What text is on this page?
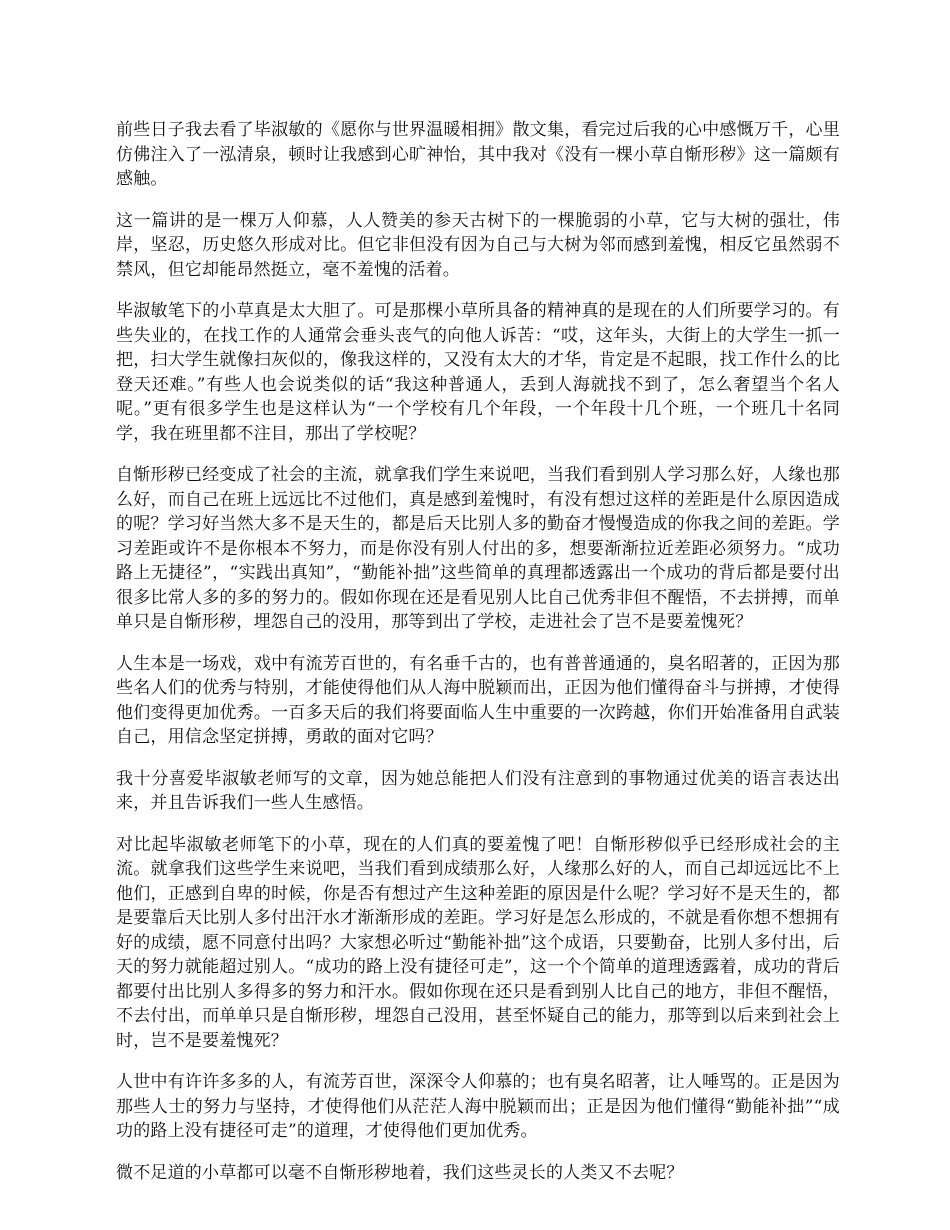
前些日子我去看了毕淑敏的《愿你与世界温暖相拥》散文集，看完过后我的心中感慨万千，心里仿佛注入了一泓清泉，顿时让我感到心旷神怡，其中我对《没有一棵小草自惭形秽》这一篇颇有感触。

这一篇讲的是一棵万人仰慕，人人赞美的参天古树下的一棵脆弱的小草，它与大树的强壮，伟岸，坚忍，历史悠久形成对比。但它非但没有因为自己与大树为邻而感到羞愧，相反它虽然弱不禁风，但它却能昂然挺立，毫不羞愧的活着。

毕淑敏笔下的小草真是太大胆了。可是那棵小草所具备的精神真的是现在的人们所要学习的。有些失业的，在找工作的人通常会垂头丧气的向他人诉苦：“哎，这年头，大街上的大学生一抓一把，扫大学生就像扫灰似的，像我这样的，又没有太大的才华，肯定是不起眼，找工作什么的比登天还难。”有些人也会说类似的话“我这种普通人，丢到人海就找不到了，怎么奢望当个名人呢。”更有很多学生也是这样认为“一个学校有几个年段，一个年段十几个班，一个班几十名同学，我在班里都不注目，那出了学校呢？

自惭形秽已经变成了社会的主流，就拿我们学生来说吧，当我们看到别人学习那么好，人缘也那么好，而自己在班上远远比不过他们，真是感到羞愧时，有没有想过这样的差距是什么原因造成的呢？学习好当然大多不是天生的，都是后天比别人多的勤奋才慢慢造成的你我之间的差距。学习差距或许不是你根本不努力，而是你没有别人付出的多，想要渐渐拉近差距必须努力。“成功路上无捷径”，“实践出真知”，“勤能补拙”这些简单的真理都透露出一个成功的背后都是要付出很多比常人多的多的努力的。假如你现在还是看见别人比自己优秀非但不醒悟，不去拼搏，而单单只是自惭形秽，埋怨自己的没用，那等到出了学校，走进社会了岂不是要羞愧死？

人生本是一场戏，戏中有流芳百世的，有名垂千古的，也有普普通通的，臭名昭著的，正因为那些名人们的优秀与特别，才能使得他们从人海中脱颖而出，正因为他们懂得奋斗与拼搏，才使得他们变得更加优秀。一百多天后的我们将要面临人生中重要的一次跨越，你们开始准备用自武装自己，用信念坚定拼搏，勇敢的面对它吗？

我十分喜爱毕淑敏老师写的文章，因为她总能把人们没有注意到的事物通过优美的语言表达出来，并且告诉我们一些人生感悟。

对比起毕淑敏老师笔下的小草，现在的人们真的要羞愧了吧！自惭形秽似乎已经形成社会的主流。就拿我们这些学生来说吧，当我们看到成绩那么好，人缘那么好的人，而自己却远远比不上他们，正感到自卑的时候，你是否有想过产生这种差距的原因是什么呢？学习好不是天生的，都是要靠后天比别人多付出汗水才渐渐形成的差距。学习好是怎么形成的，不就是看你想不想拥有好的成绩，愿不同意付出吗？大家想必听过“勤能补拙”这个成语，只要勤奋，比别人多付出，后天的努力就能超过别人。“成功的路上没有捷径可走”，这一个个简单的道理透露着，成功的背后都要付出比别人多得多的努力和汗水。假如你现在还只是看到别人比自己的地方，非但不醒悟，不去付出，而单单只是自惭形秽，埋怨自己没用，甚至怀疑自己的能力，那等到以后来到社会上时，岂不是要羞愧死？

人世中有许许多多的人，有流芳百世，深深令人仰慕的；也有臭名昭著，让人唾骂的。正是因为那些人士的努力与坚持，才使得他们从茫茫人海中脱颖而出；正是因为他们懂得“勤能补拙”“成功的路上没有捷径可走”的道理，才使得他们更加优秀。

微不足道的小草都可以毫不自惭形秽地着，我们这些灵长的人类又不去呢？
